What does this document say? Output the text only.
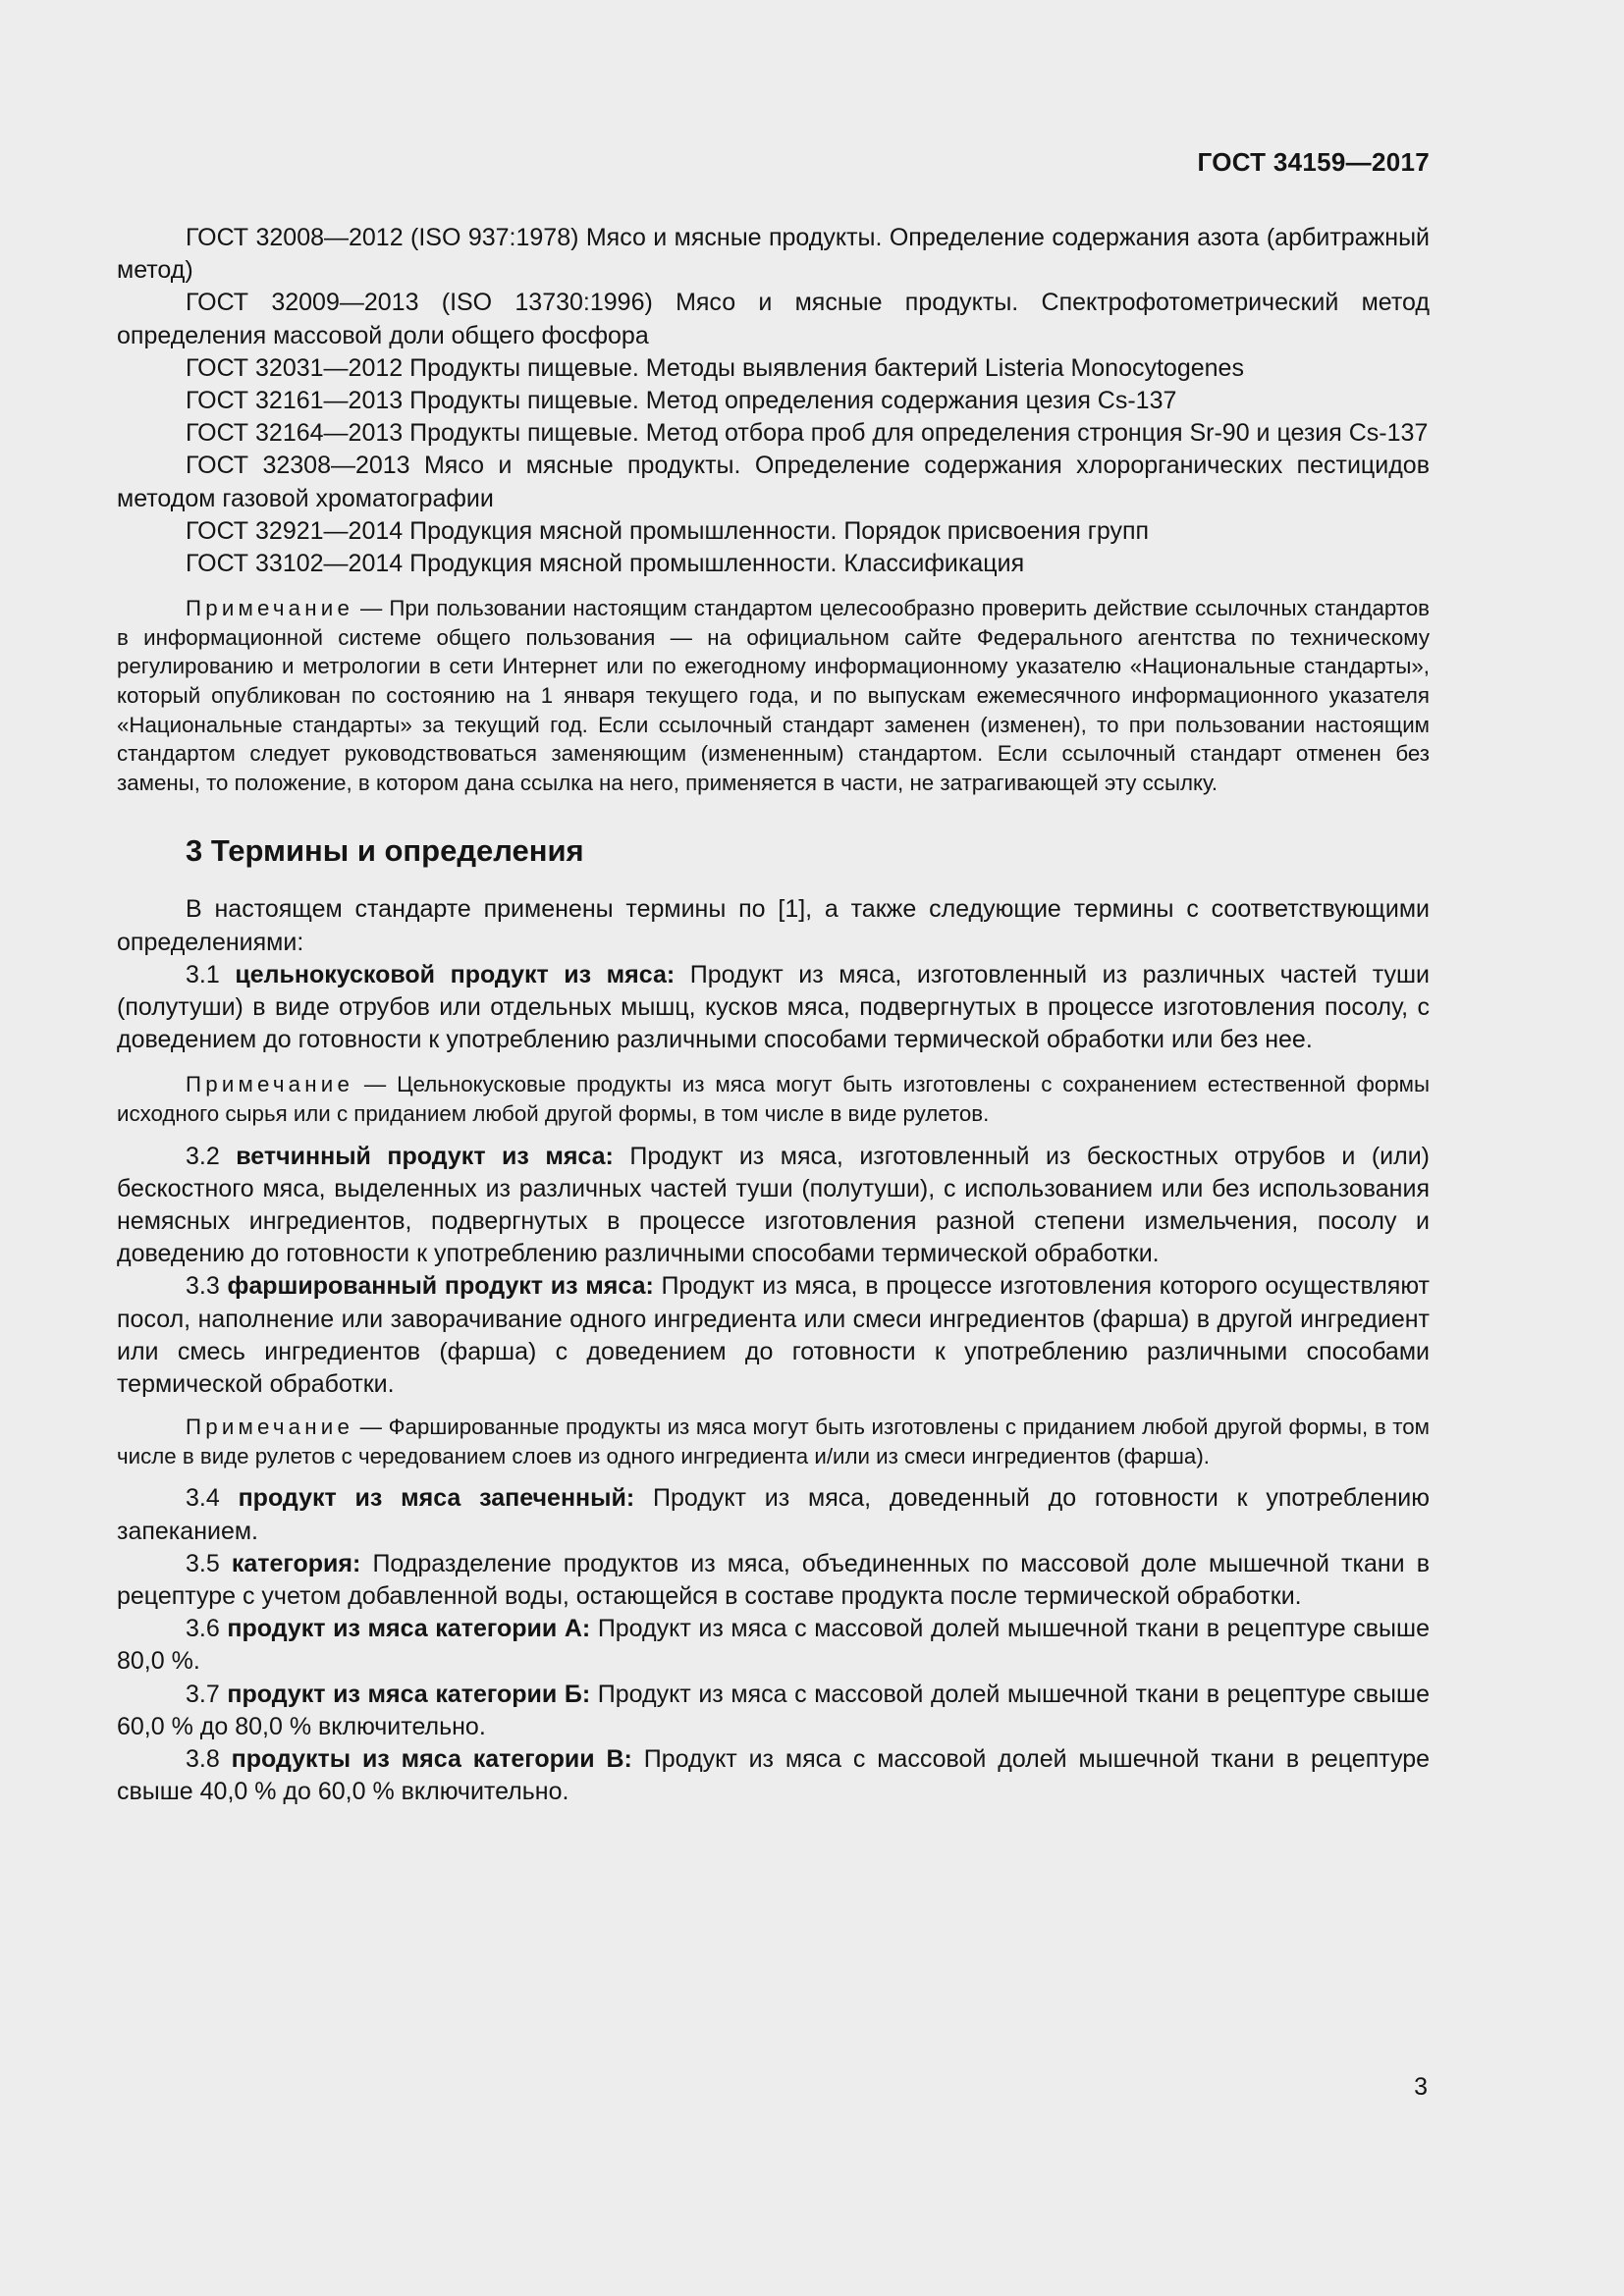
ГОСТ 34159—2017

ГОСТ 32008—2012 (ISO 937:1978) Мясо и мясные продукты. Определение содержания азота (арбитражный метод)

ГОСТ 32009—2013 (ISO 13730:1996) Мясо и мясные продукты. Спектрофотометрический метод определения массовой доли общего фосфора

ГОСТ 32031—2012 Продукты пищевые. Методы выявления бактерий Listeria Monocytogenes

ГОСТ 32161—2013 Продукты пищевые. Метод определения содержания цезия Cs-137

ГОСТ 32164—2013 Продукты пищевые. Метод отбора проб для определения стронция Sr-90 и цезия Cs-137

ГОСТ 32308—2013 Мясо и мясные продукты. Определение содержания хлорорганических пестицидов методом газовой хроматографии

ГОСТ 32921—2014 Продукция мясной промышленности. Порядок присвоения групп

ГОСТ 33102—2014 Продукция мясной промышленности. Классификация

Примечание — При пользовании настоящим стандартом целесообразно проверить действие ссылочных стандартов в информационной системе общего пользования — на официальном сайте Федерального агентства по техническому регулированию и метрологии в сети Интернет или по ежегодному информационному указателю «Национальные стандарты», который опубликован по состоянию на 1 января текущего года, и по выпускам ежемесячного информационного указателя «Национальные стандарты» за текущий год. Если ссылочный стандарт заменен (изменен), то при пользовании настоящим стандартом следует руководствоваться заменяющим (измененным) стандартом. Если ссылочный стандарт отменен без замены, то положение, в котором дана ссылка на него, применяется в части, не затрагивающей эту ссылку.

3 Термины и определения

В настоящем стандарте применены термины по [1], а также следующие термины с соответствующими определениями:

3.1 цельнокусковой продукт из мяса: Продукт из мяса, изготовленный из различных частей туши (полутуши) в виде отрубов или отдельных мышц, кусков мяса, подвергнутых в процессе изготовления посолу, с доведением до готовности к употреблению различными способами термической обработки или без нее.

Примечание — Цельнокусковые продукты из мяса могут быть изготовлены с сохранением естественной формы исходного сырья или с приданием любой другой формы, в том числе в виде рулетов.

3.2 ветчинный продукт из мяса: Продукт из мяса, изготовленный из бескостных отрубов и (или) бескостного мяса, выделенных из различных частей туши (полутуши), с использованием или без использования немясных ингредиентов, подвергнутых в процессе изготовления разной степени измельчения, посолу и доведению до готовности к употреблению различными способами термической обработки.

3.3 фаршированный продукт из мяса: Продукт из мяса, в процессе изготовления которого осуществляют посол, наполнение или заворачивание одного ингредиента или смеси ингредиентов (фарша) в другой ингредиент или смесь ингредиентов (фарша) с доведением до готовности к употреблению различными способами термической обработки.

Примечание — Фаршированные продукты из мяса могут быть изготовлены с приданием любой другой формы, в том числе в виде рулетов с чередованием слоев из одного ингредиента и/или из смеси ингредиентов (фарша).

3.4 продукт из мяса запеченный: Продукт из мяса, доведенный до готовности к употреблению запеканием.

3.5 категория: Подразделение продуктов из мяса, объединенных по массовой доле мышечной ткани в рецептуре с учетом добавленной воды, остающейся в составе продукта после термической обработки.

3.6 продукт из мяса категории А: Продукт из мяса с массовой долей мышечной ткани в рецептуре свыше 80,0 %.

3.7 продукт из мяса категории Б: Продукт из мяса с массовой долей мышечной ткани в рецептуре свыше 60,0 % до 80,0 % включительно.

3.8 продукты из мяса категории В: Продукт из мяса с массовой долей мышечной ткани в рецептуре свыше 40,0 % до 60,0 % включительно.

3
